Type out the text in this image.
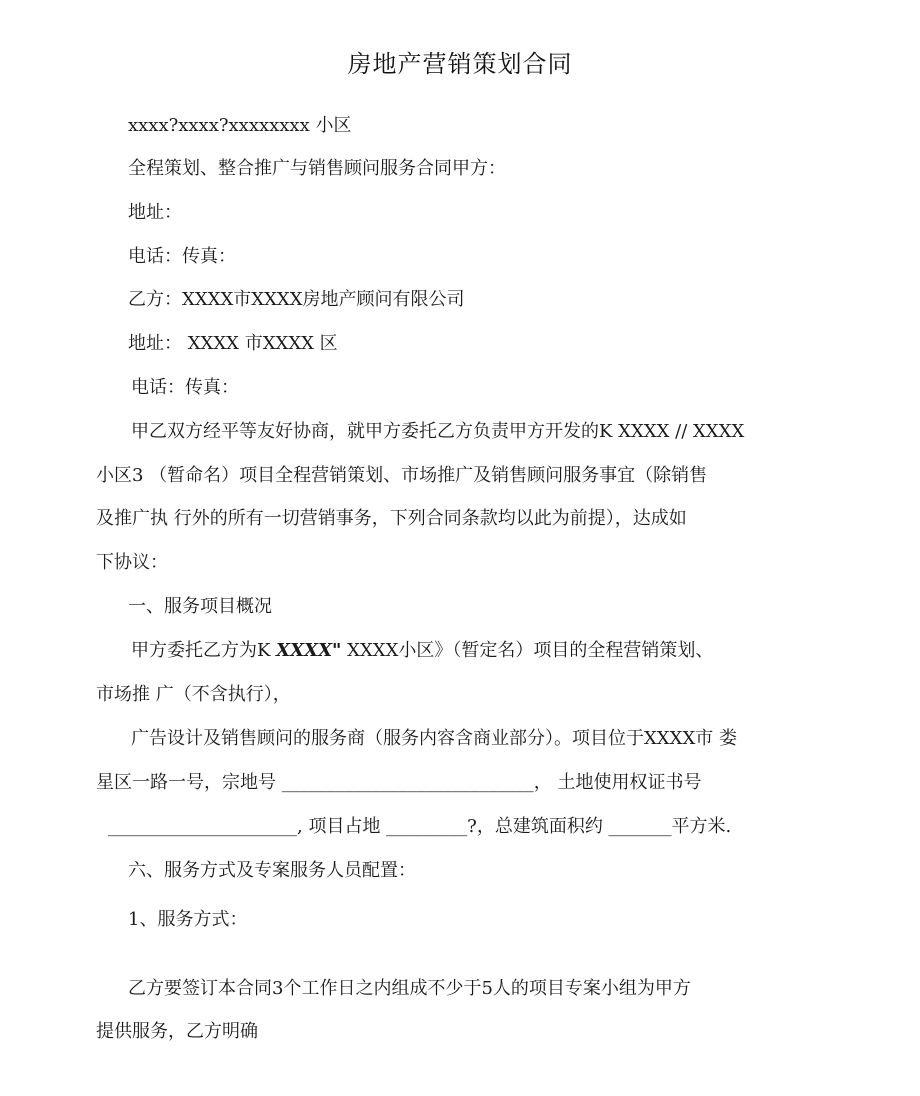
房地产营销策划合同
xxxx?xxxx?xxxxxxxx 小区
全程策划、整合推广与销售顾问服务合同甲方：
地址：
电话：传真：
乙方：XXXX市XXXX房地产顾问有限公司
地址： XXXX 市XXXX 区
电话：传真：
甲乙双方经平等友好协商，就甲方委托乙方负责甲方开发的K XXXX // XXXX
小区3 （暂命名）项目全程营销策划、市场推广及销售顾问服务事宜（除销售
及推广执 行外的所有一切营销事务，下列合同条款均以此为前提），达成如
下协议：
一、服务项目概况
甲方委托乙方为K XXXX" XXXX小区》（暂定名）项目的全程营销策划、
市场推 广（不含执行），
广告设计及销售顾问的服务商（服务内容含商业部分）。项目位于XXXX市 娄
星区一路一号，宗地号 ____________________________， 土地使用权证书号
_____________________, 项目占地 _________?，总建筑面积约 _______平方米.
六、服务方式及专案服务人员配置：
1、服务方式：
乙方要签订本合同3个工作日之内组成不少于5人的项目专案小组为甲方
提供服务，乙方明确
